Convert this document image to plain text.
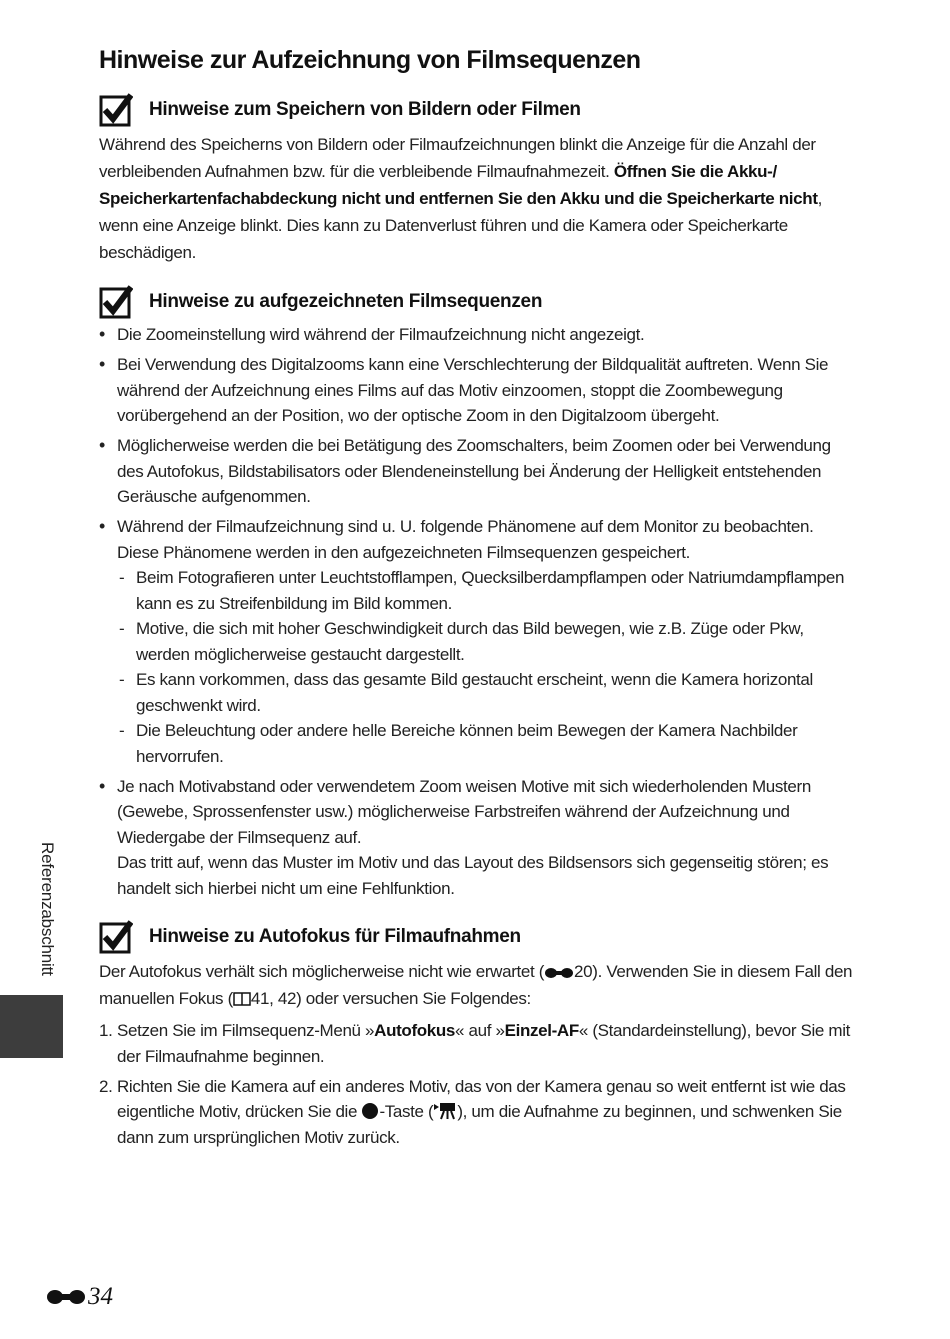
Hinweise zur Aufzeichnung von Filmsequenzen
Hinweise zum Speichern von Bildern oder Filmen

Während des Speicherns von Bildern oder Filmaufzeichnungen blinkt die Anzeige für die Anzahl der verbleibenden Aufnahmen bzw. für die verbleibende Filmaufnahmezeit. Öffnen Sie die Akku-/ Speicherkartenfachabdeckung nicht und entfernen Sie den Akku und die Speicherkarte nicht, wenn eine Anzeige blinkt. Dies kann zu Datenverlust führen und die Kamera oder Speicherkarte beschädigen.

Hinweise zu aufgezeichneten Filmsequenzen
• Die Zoomeinstellung wird während der Filmaufzeichnung nicht angezeigt.
• Bei Verwendung des Digitalzooms kann eine Verschlechterung der Bildqualität auftreten. Wenn Sie während der Aufzeichnung eines Films auf das Motiv einzoomen, stoppt die Zoombewegung vorübergehend an der Position, wo der optische Zoom in den Digitalzoom übergeht.
• Möglicherweise werden die bei Betätigung des Zoomschalters, beim Zoomen oder bei Verwendung des Autofokus, Bildstabilisators oder Blendeneinstellung bei Änderung der Helligkeit entstehenden Geräusche aufgenommen.
• Während der Filmaufzeichnung sind u. U. folgende Phänomene auf dem Monitor zu beobachten. Diese Phänomene werden in den aufgezeichneten Filmsequenzen gespeichert.
- Beim Fotografieren unter Leuchtstofflampen, Quecksilberdampflampen oder Natriumdampflampen kann es zu Streifenbildung im Bild kommen.
- Motive, die sich mit hoher Geschwindigkeit durch das Bild bewegen, wie z.B. Züge oder Pkw, werden möglicherweise gestaucht dargestellt.
- Es kann vorkommen, dass das gesamte Bild gestaucht erscheint, wenn die Kamera horizontal geschwenkt wird.
- Die Beleuchtung oder andere helle Bereiche können beim Bewegen der Kamera Nachbilder hervorrufen.
• Je nach Motivabstand oder verwendetem Zoom weisen Motive mit sich wiederholenden Mustern (Gewebe, Sprossenfenster usw.) möglicherweise Farbstreifen während der Aufzeichnung und Wiedergabe der Filmsequenz auf.
Das tritt auf, wenn das Muster im Motiv und das Layout des Bildsensors sich gegenseitig stören; es handelt sich hierbei nicht um eine Fehlfunktion.
Hinweise zu Autofokus für Filmaufnahmen

Der Autofokus verhält sich möglicherweise nicht wie erwartet ( 20). Verwenden Sie in diesem Fall den manuellen Fokus ( 41, 42) oder versuchen Sie Folgendes:

1. Setzen Sie im Filmsequenz-Menü »Autofokus« auf »Einzel-AF« (Standardeinstellung), bevor Sie mit der Filmaufnahme beginnen.
2. Richten Sie die Kamera auf ein anderes Motiv, das von der Kamera genau so weit entfernt ist wie das eigentliche Motiv, drücken Sie die -Taste ( ), um die Aufnahme zu beginnen, und schwenken Sie dann zum ursprünglichen Motiv zurück.
Referenzabschnitt
34
